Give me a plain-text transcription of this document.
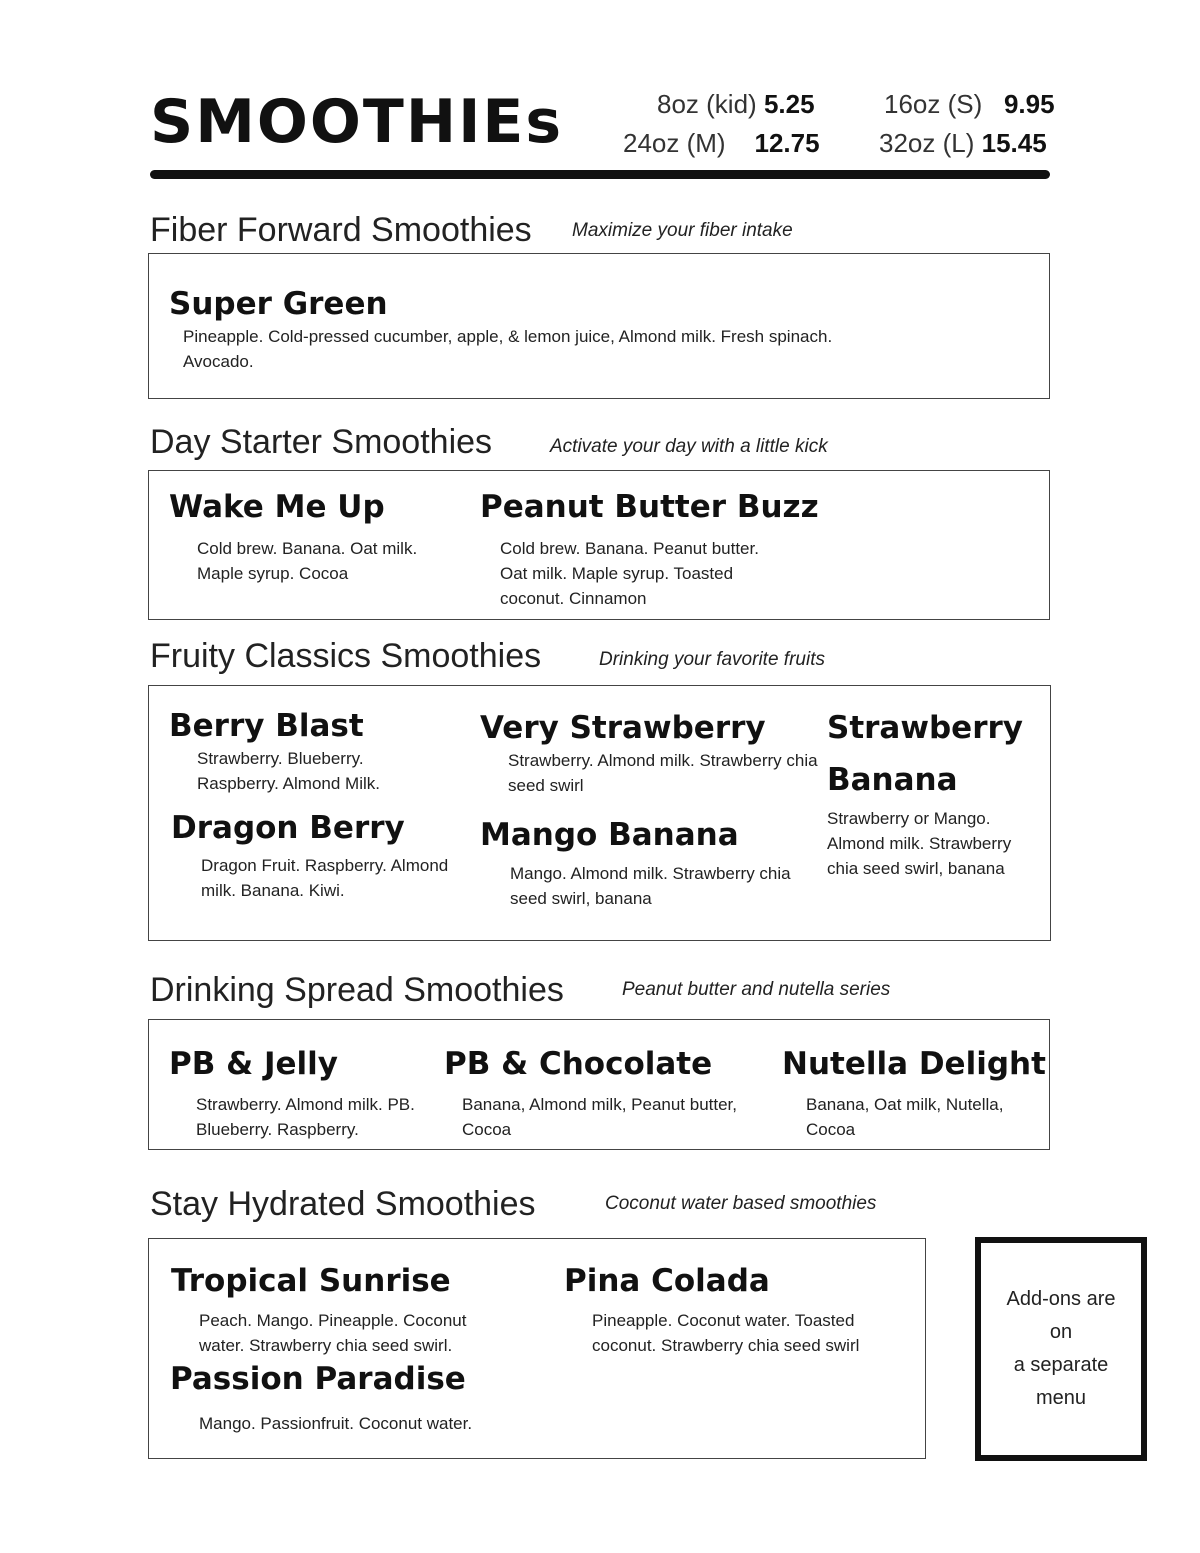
SMOOTHIEs	8oz (kid) 5.25	16oz (S) 9.95
24oz (M) 12.75 32oz (L) 15.45
Fiber Forward Smoothies Maximize your fiber intake
Super Green
Pineapple. Cold-pressed cucumber, apple, & lemon juice, Almond milk. Fresh spinach. Avocado.
Day Starter Smoothies	Activate your day with a little kick
Wake Me Up
Cold brew. Banana. Oat milk. Maple syrup. Cocoa
Peanut Butter Buzz
Cold brew. Banana. Peanut butter. Oat milk. Maple syrup. Toasted coconut. Cinnamon
Fruity Classics Smoothies	Drinking your favorite fruits
Berry Blast
Strawberry. Blueberry. Raspberry. Almond Milk.
Very Strawberry
Strawberry. Almond milk. Strawberry chia seed swirl
Strawberry
Banana
Strawberry or Mango. Almond milk. Strawberry chia seed swirl, banana
Dragon Berry
Dragon Fruit. Raspberry. Almond milk. Banana. Kiwi.
Mango Banana
Mango. Almond milk. Strawberry chia seed swirl, banana
Drinking Spread Smoothies	Peanut butter and nutella series
PB & Jelly
Strawberry. Almond milk. PB. Blueberry. Raspberry.
PB & Chocolate
Banana, Almond milk, Peanut butter, Cocoa
Nutella Delight
Banana, Oat milk, Nutella, Cocoa
Stay Hydrated Smoothies	Coconut water based smoothies
Tropical Sunrise
Peach. Mango. Pineapple. Coconut water. Strawberry chia seed swirl.
Pina Colada
Pineapple. Coconut water. Toasted coconut. Strawberry chia seed swirl
Passion Paradise
Mango. Passionfruit. Coconut water.
Add-ons are
on
a separate
menu
